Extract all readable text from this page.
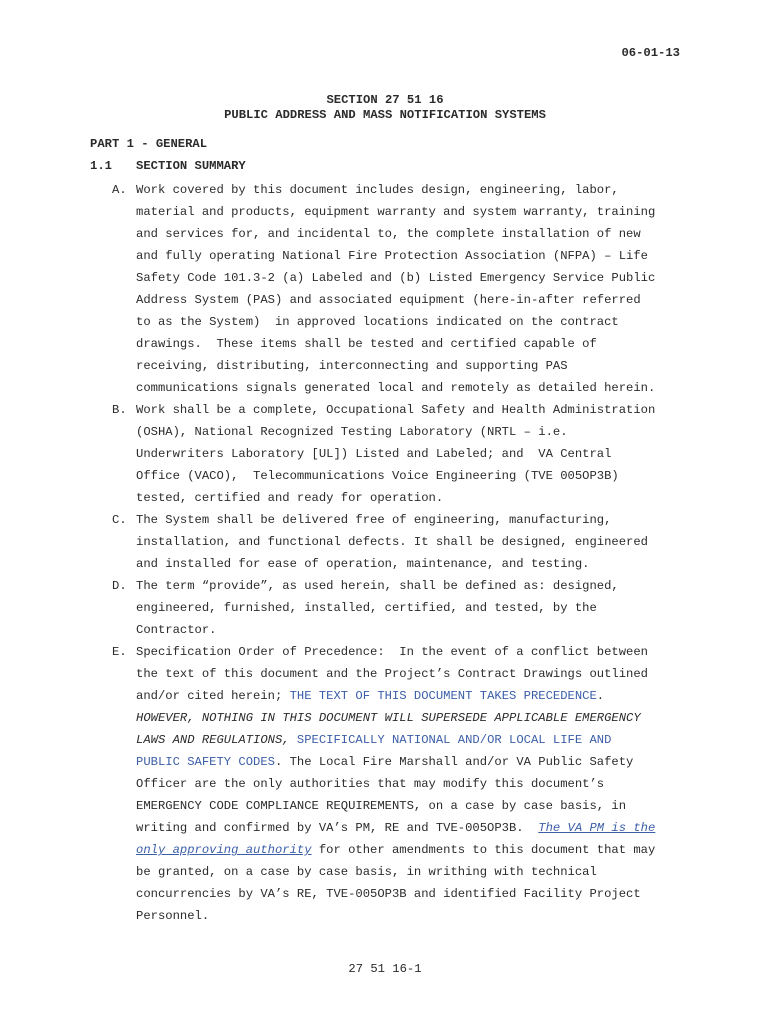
06-01-13
SECTION 27 51 16
PUBLIC ADDRESS AND MASS NOTIFICATION SYSTEMS
PART 1 - GENERAL
1.1 SECTION SUMMARY
A. Work covered by this document includes design, engineering, labor,
material and products, equipment warranty and system warranty, training
and services for, and incidental to, the complete installation of new
and fully operating National Fire Protection Association (NFPA) – Life
Safety Code 101.3-2 (a) Labeled and (b) Listed Emergency Service Public
Address System (PAS) and associated equipment (here-in-after referred
to as the System)  in approved locations indicated on the contract
drawings.  These items shall be tested and certified capable of
receiving, distributing, interconnecting and supporting PAS
communications signals generated local and remotely as detailed herein.
B. Work shall be a complete, Occupational Safety and Health Administration
(OSHA), National Recognized Testing Laboratory (NRTL – i.e.
Underwriters Laboratory [UL]) Listed and Labeled; and  VA Central
Office (VACO),  Telecommunications Voice Engineering (TVE 005OP3B)
tested, certified and ready for operation.
C. The System shall be delivered free of engineering, manufacturing,
installation, and functional defects. It shall be designed, engineered
and installed for ease of operation, maintenance, and testing.
D. The term “provide”, as used herein, shall be defined as: designed,
engineered, furnished, installed, certified, and tested, by the
Contractor.
E. Specification Order of Precedence:  In the event of a conflict between
the text of this document and the Project’s Contract Drawings outlined
and/or cited herein; THE TEXT OF THIS DOCUMENT TAKES PRECEDENCE.
HOWEVER, NOTHING IN THIS DOCUMENT WILL SUPERSEDE APPLICABLE EMERGENCY
LAWS AND REGULATIONS, SPECIFICALLY NATIONAL AND/OR LOCAL LIFE AND
PUBLIC SAFETY CODES. The Local Fire Marshall and/or VA Public Safety
Officer are the only authorities that may modify this document’s
EMERGENCY CODE COMPLIANCE REQUIREMENTS, on a case by case basis, in
writing and confirmed by VA’s PM, RE and TVE-005OP3B.  The VA PM is the
only approving authority for other amendments to this document that may
be granted, on a case by case basis, in writhing with technical
concurrencies by VA’s RE, TVE-005OP3B and identified Facility Project
Personnel.
27 51 16-1
